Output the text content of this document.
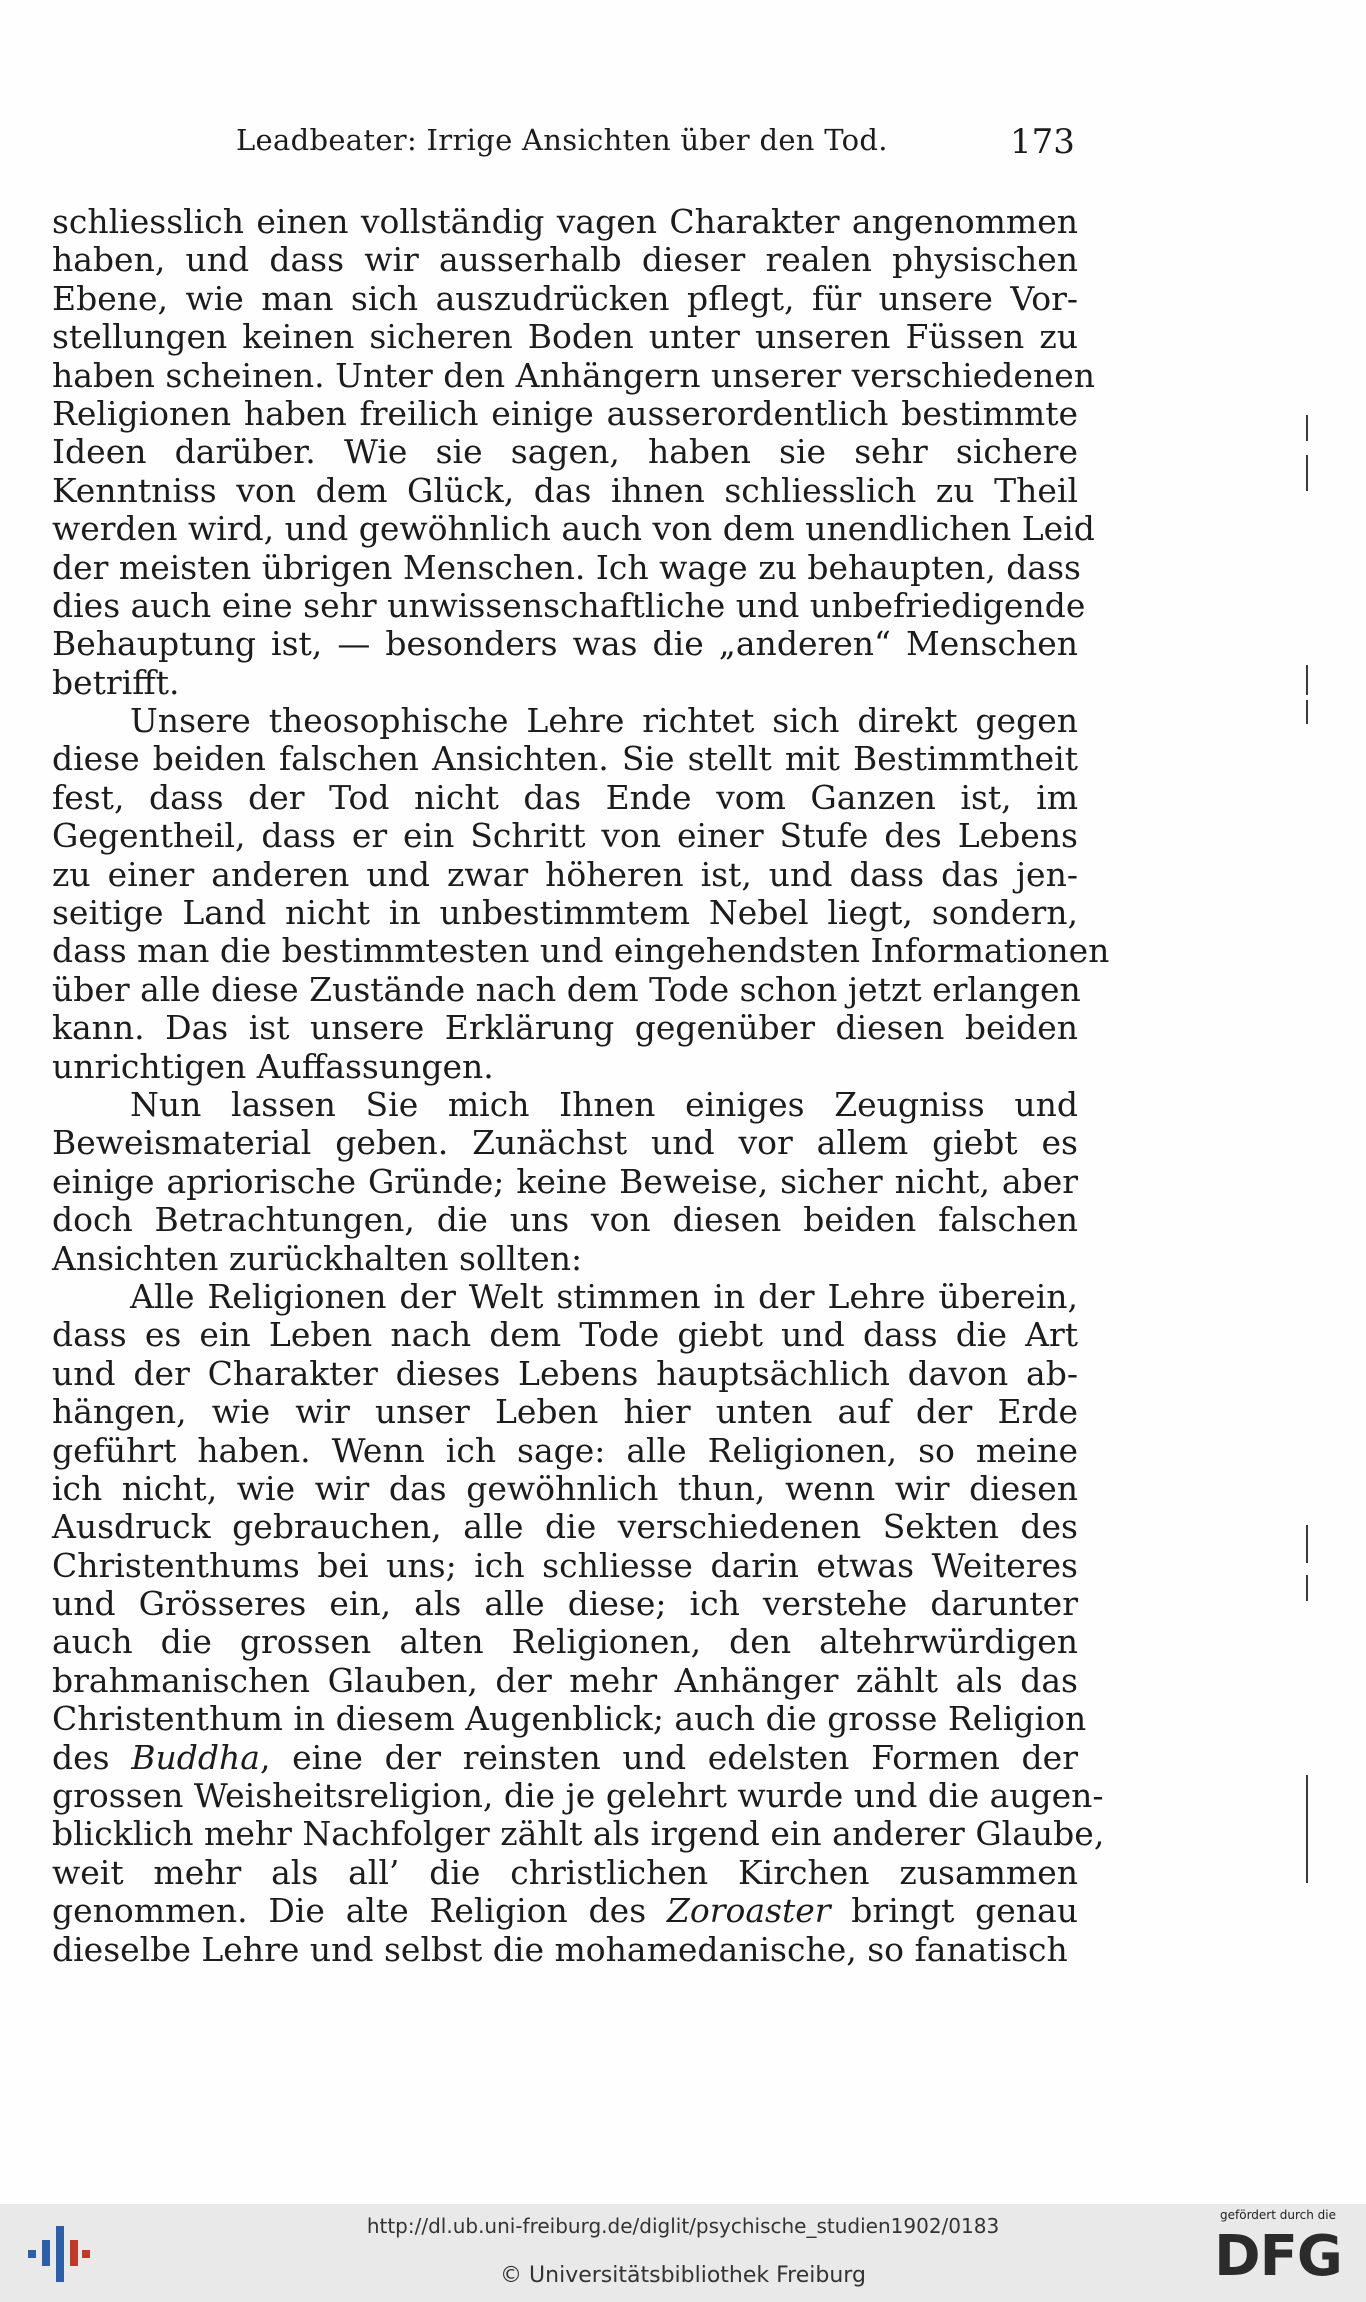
Leadbeater: Irrige Ansichten über den Tod.	173
schliesslich einen vollständig vagen Charakter angenommen
haben, und dass wir ausserhalb dieser realen physischen
Ebene, wie man sich auszudrücken pflegt, für unsere Vor-
stellungen keinen sicheren Boden unter unseren Füssen zu
haben scheinen. Unter den Anhängern unserer verschiedenen
Religionen haben freilich einige ausserordentlich bestimmte
Ideen darüber. Wie sie sagen, haben sie sehr sichere
Kenntniss von dem Glück, das ihnen schliesslich zu Theil
werden wird, und gewöhnlich auch von dem unendlichen Leid
der meisten übrigen Menschen. Ich wage zu behaupten, dass
dies auch eine sehr unwissenschaftliche und unbefriedigende
Behauptung ist, — besonders was die „anderen“ Menschen
betrifft.
Unsere theosophische Lehre richtet sich direkt gegen
diese beiden falschen Ansichten. Sie stellt mit Bestimmtheit
fest, dass der Tod nicht das Ende vom Ganzen ist, im
Gegentheil, dass er ein Schritt von einer Stufe des Lebens
zu einer anderen und zwar höheren ist, und dass das jen-
seitige Land nicht in unbestimmtem Nebel liegt, sondern,
dass man die bestimmtesten und eingehendsten Informationen
über alle diese Zustände nach dem Tode schon jetzt erlangen
kann. Das ist unsere Erklärung gegenüber diesen beiden
unrichtigen Auffassungen.
Nun lassen Sie mich Ihnen einiges Zeugniss und
Beweismaterial geben. Zunächst und vor allem giebt es
einige apriorische Gründe; keine Beweise, sicher nicht, aber
doch Betrachtungen, die uns von diesen beiden falschen
Ansichten zurückhalten sollten:
Alle Religionen der Welt stimmen in der Lehre überein,
dass es ein Leben nach dem Tode giebt und dass die Art
und der Charakter dieses Lebens hauptsächlich davon ab-
hängen, wie wir unser Leben hier unten auf der Erde
geführt haben. Wenn ich sage: alle Religionen, so meine
ich nicht, wie wir das gewöhnlich thun, wenn wir diesen
Ausdruck gebrauchen, alle die verschiedenen Sekten des
Christenthums bei uns; ich schliesse darin etwas Weiteres
und Grösseres ein, als alle diese; ich verstehe darunter
auch die grossen alten Religionen, den altehrwürdigen
brahmanischen Glauben, der mehr Anhänger zählt als das
Christenthum in diesem Augenblick; auch die grosse Religion
des Buddha, eine der reinsten und edelsten Formen der
grossen Weisheitsreligion, die je gelehrt wurde und die augen-
blicklich mehr Nachfolger zählt als irgend ein anderer Glaube,
weit mehr als all’ die christlichen Kirchen zusammen
genommen. Die alte Religion des Zoroaster bringt genau
dieselbe Lehre und selbst die mohamedanische, so fanatisch
http://dl.ub.uni-freiburg.de/diglit/psychische_studien1902/0183
© Universitätsbibliothek Freiburg
gefördert durch die
DFG
